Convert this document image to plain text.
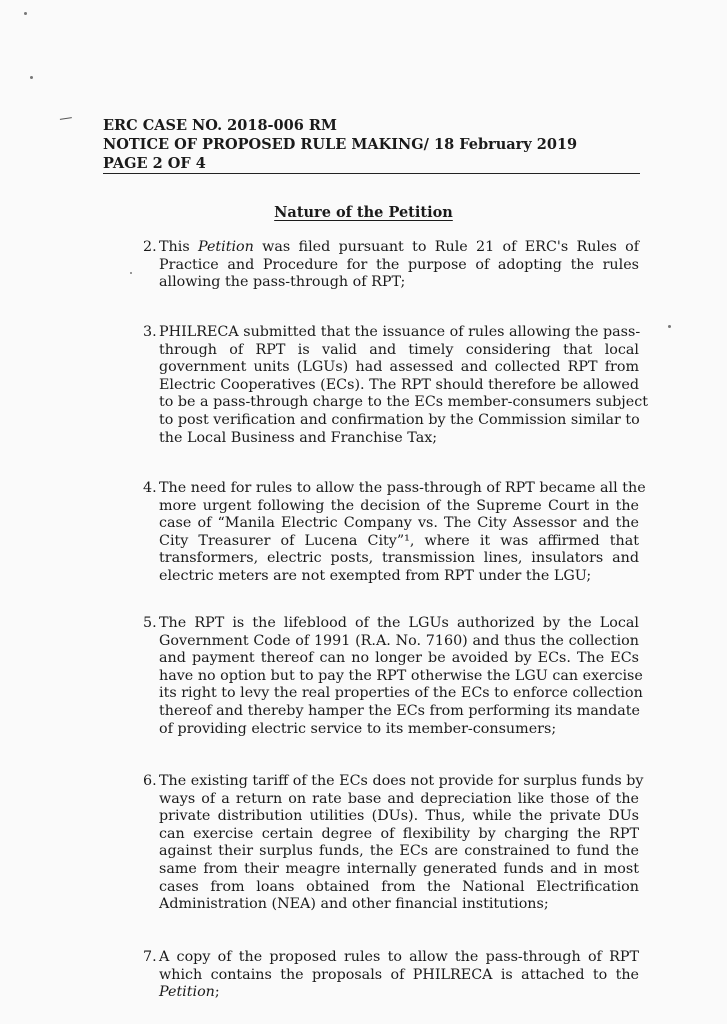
ERC CASE NO. 2018-006 RM
NOTICE OF PROPOSED RULE MAKING/ 18 February 2019
PAGE 2 OF 4
Nature of the Petition
2. This Petition was filed pursuant to Rule 21 of ERC's Rules of
Practice and Procedure for the purpose of adopting the rules
allowing the pass-through of RPT;
3. PHILRECA submitted that the issuance of rules allowing the pass-
through of RPT is valid and timely considering that local
government units (LGUs) had assessed and collected RPT from
Electric Cooperatives (ECs). The RPT should therefore be allowed
to be a pass-through charge to the ECs member-consumers subject
to post verification and confirmation by the Commission similar to
the Local Business and Franchise Tax;
4. The need for rules to allow the pass-through of RPT became all the
more urgent following the decision of the Supreme Court in the
case of “Manila Electric Company vs. The City Assessor and the
City Treasurer of Lucena City”¹, where it was affirmed that
transformers, electric posts, transmission lines, insulators and
electric meters are not exempted from RPT under the LGU;
5. The RPT is the lifeblood of the LGUs authorized by the Local
Government Code of 1991 (R.A. No. 7160) and thus the collection
and payment thereof can no longer be avoided by ECs. The ECs
have no option but to pay the RPT otherwise the LGU can exercise
its right to levy the real properties of the ECs to enforce collection
thereof and thereby hamper the ECs from performing its mandate
of providing electric service to its member-consumers;
6. The existing tariff of the ECs does not provide for surplus funds by
ways of a return on rate base and depreciation like those of the
private distribution utilities (DUs). Thus, while the private DUs
can exercise certain degree of flexibility by charging the RPT
against their surplus funds, the ECs are constrained to fund the
same from their meagre internally generated funds and in most
cases from loans obtained from the National Electrification
Administration (NEA) and other financial institutions;
7. A copy of the proposed rules to allow the pass-through of RPT
which contains the proposals of PHILRECA is attached to the
Petition;
